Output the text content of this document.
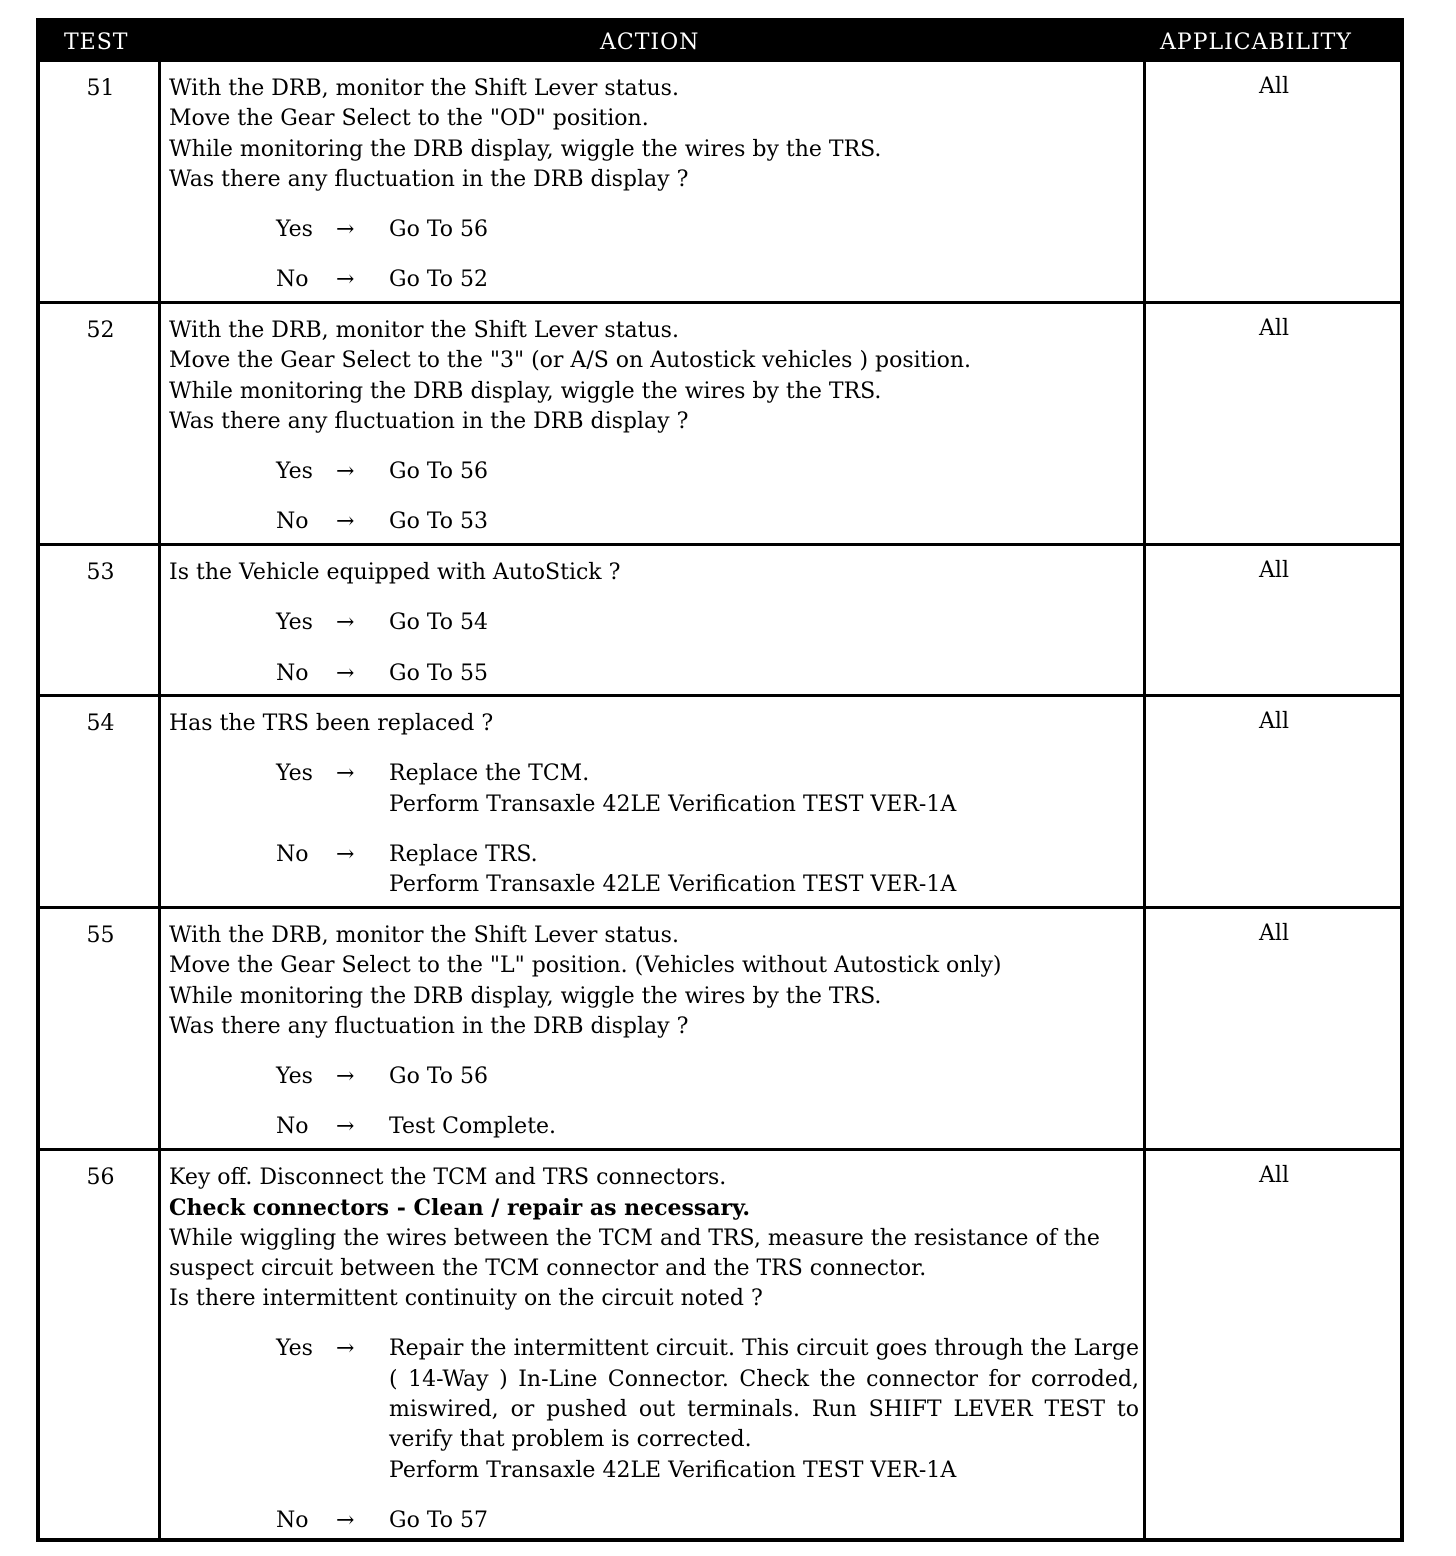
TEST	ACTION	APPLICABILITY
51	With the DRB, monitor the Shift Lever status.

Move the Gear Select to the "OD" position.

While monitoring the DRB display, wiggle the wires by the TRS.

Was there any fluctuation in the DRB display ?

Yes → Go To 56
No → Go To 52
All
52	With the DRB, monitor the Shift Lever status.

Move the Gear Select to the "3" (or A/S on Autostick vehicles ) position.

While monitoring the DRB display, wiggle the wires by the TRS.

Was there any fluctuation in the DRB display ?

Yes → Go To 56
No → Go To 53
All
53	Is the Vehicle equipped with AutoStick ?

Yes → Go To 54
No → Go To 55
All
54	Has the TRS been replaced ?

Yes → Replace the TCM.
Perform Transaxle 42LE Verification TEST VER-1A
No → Replace TRS.
Perform Transaxle 42LE Verification TEST VER-1A
All
55	With the DRB, monitor the Shift Lever status.

Move the Gear Select to the "L" position. (Vehicles without Autostick only)

While monitoring the DRB display, wiggle the wires by the TRS.

Was there any fluctuation in the DRB display ?

Yes → Go To 56
No → Test Complete.
All
56	Key off. Disconnect the TCM and TRS connectors.

Check connectors - Clean / repair as necessary.

While wiggling the wires between the TCM and TRS, measure the resistance of the

suspect circuit between the TCM connector and the TRS connector.

Is there intermittent continuity on the circuit noted ?

Yes → Repair the intermittent circuit. This circuit goes through the Large ( 14-Way ) In-Line Connector. Check the connector for corroded, miswired, or pushed out terminals. Run SHIFT LEVER TEST to verify that problem is corrected.
Perform Transaxle 42LE Verification TEST VER-1A
No → Go To 57
All
